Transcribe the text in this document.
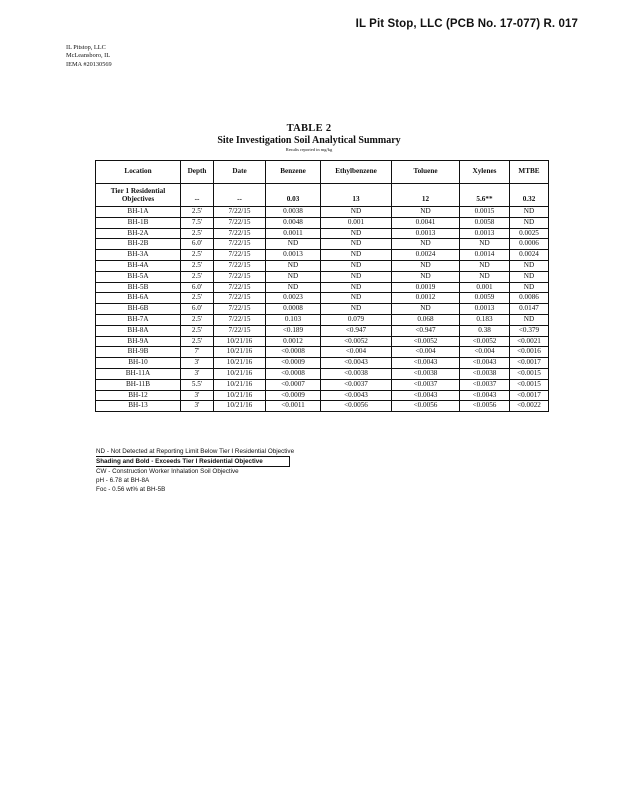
IL Pit Stop, LLC (PCB No. 17-077) R. 017
IL Pitstop, LLC
McLeansboro, IL
IEMA #20130569
TABLE 2
Site Investigation Soil Analytical Summary
Results reported in mg/kg
Location	Depth	Date	Benzene	Ethylbenzene	Toluene	Xylenes	MTBE
Tier 1 Residential Objectives	--	--	0.03	13	12	5.6**	0.32
BH-1A	2.5'	7/22/15	0.0038	ND	ND	0.0015	ND
BH-1B	7.5'	7/22/15	0.0048	0.001	0.0041	0.0058	ND
BH-2A	2.5'	7/22/15	0.0011	ND	0.0013	0.0013	0.0025
BH-2B	6.0'	7/22/15	ND	ND	ND	ND	0.0006
BH-3A	2.5'	7/22/15	0.0013	ND	0.0024	0.0014	0.0024
BH-4A	2.5'	7/22/15	ND	ND	ND	ND	ND
BH-5A	2.5'	7/22/15	ND	ND	ND	ND	ND
BH-5B	6.0'	7/22/15	ND	ND	0.0019	0.001	ND
BH-6A	2.5'	7/22/15	0.0023	ND	0.0012	0.0059	0.0086
BH-6B	6.0'	7/22/15	0.0008	ND	ND	0.0013	0.0147
BH-7A	2.5'	7/22/15	0.103	0.079	0.068	0.183	ND
BH-8A	2.5'	7/22/15	<0.189	<0.947	<0.947	0.38	<0.379
BH-9A	2.5'	10/21/16	0.0012	<0.0052	<0.0052	<0.0052	<0.0021
BH-9B	7'	10/21/16	<0.0008	<0.004	<0.004	<0.004	<0.0016
BH-10	3'	10/21/16	<0.0009	<0.0043	<0.0043	<0.0043	<0.0017
BH-11A	3'	10/21/16	<0.0008	<0.0038	<0.0038	<0.0038	<0.0015
BH-11B	5.5'	10/21/16	<0.0007	<0.0037	<0.0037	<0.0037	<0.0015
BH-12	3'	10/21/16	<0.0009	<0.0043	<0.0043	<0.0043	<0.0017
BH-13	3'	10/21/16	<0.0011	<0.0056	<0.0056	<0.0056	<0.0022
ND - Not Detected at Reporting Limit Below Tier I Residential Objective
Shading and Bold - Exceeds Tier I Residential Objective
CW - Construction Worker Inhalation Soil Objective
pH - 6.78 at BH-8A
Foc - 0.56 wt% at BH-5B
